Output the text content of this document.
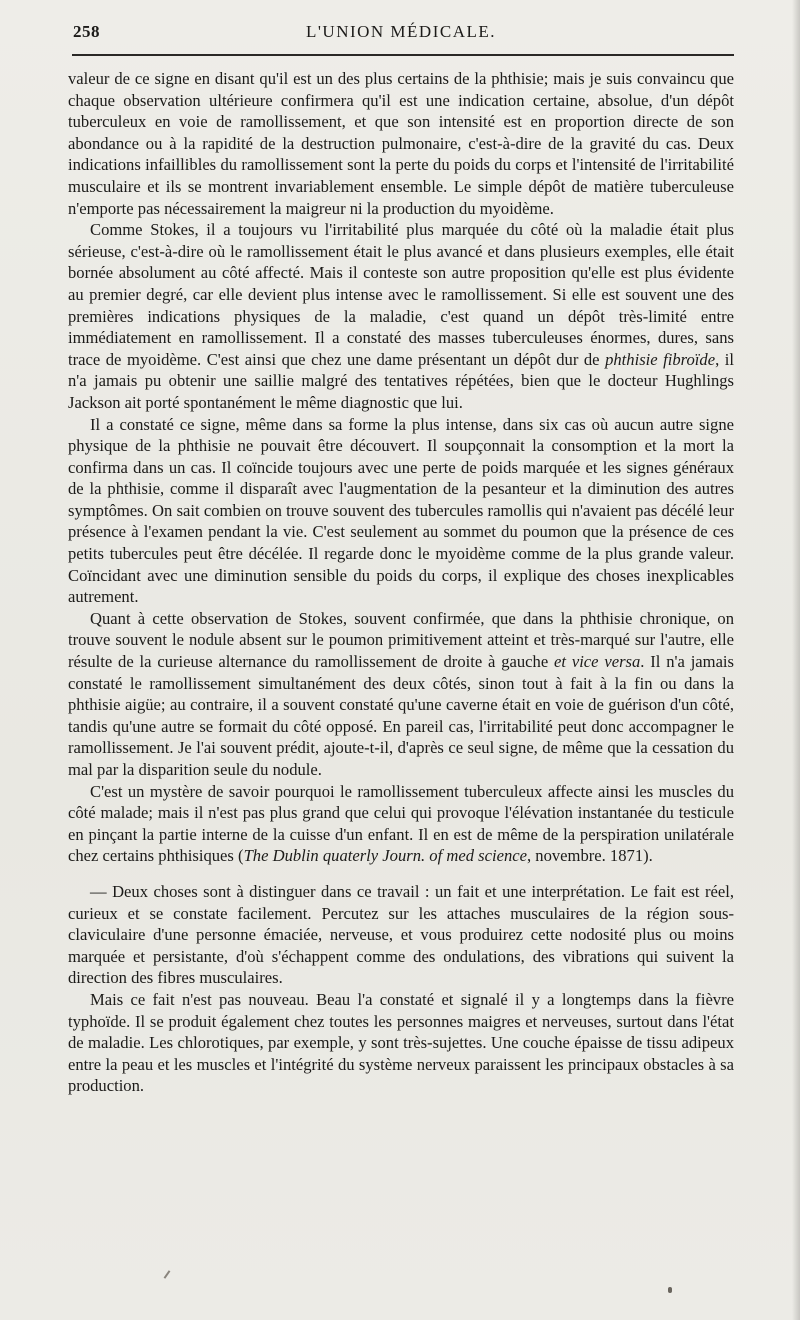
258	L'UNION MÉDICALE.

valeur de ce signe en disant qu'il est un des plus certains de la phthisie; mais je suis convaincu que chaque observation ultérieure confirmera qu'il est une indication certaine, absolue, d'un dépôt tuberculeux en voie de ramollissement, et que son intensité est en proportion directe de son abondance ou à la rapidité de la destruction pulmonaire, c'est-à-dire de la gravité du cas. Deux indications infaillibles du ramollissement sont la perte du poids du corps et l'intensité de l'irritabilité musculaire et ils se montrent invariablement ensemble. Le simple dépôt de matière tuberculeuse n'emporte pas nécessairement la maigreur ni la production du myoidème.

Comme Stokes, il a toujours vu l'irritabilité plus marquée du côté où la maladie était plus sérieuse, c'est-à-dire où le ramollissement était le plus avancé et dans plusieurs exemples, elle était bornée absolument au côté affecté. Mais il conteste son autre proposition qu'elle est plus évidente au premier degré, car elle devient plus intense avec le ramollissement. Si elle est souvent une des premières indications physiques de la maladie, c'est quand un dépôt très-limité entre immédiatement en ramollissement. Il a constaté des masses tuberculeuses énormes, dures, sans trace de myoidème. C'est ainsi que chez une dame présentant un dépôt dur de phthisie fibroïde, il n'a jamais pu obtenir une saillie malgré des tentatives répétées, bien que le docteur Hughlings Jackson ait porté spontanément le même diagnostic que lui.

Il a constaté ce signe, même dans sa forme la plus intense, dans six cas où aucun autre signe physique de la phthisie ne pouvait être découvert. Il soupçonnait la consomption et la mort la confirma dans un cas. Il coïncide toujours avec une perte de poids marquée et les signes généraux de la phthisie, comme il disparaît avec l'augmentation de la pesanteur et la diminution des autres symptômes. On sait combien on trouve souvent des tubercules ramollis qui n'avaient pas décélé leur présence à l'examen pendant la vie. C'est seulement au sommet du poumon que la présence de ces petits tubercules peut être décélée. Il regarde donc le myoidème comme de la plus grande valeur. Coïncidant avec une diminution sensible du poids du corps, il explique des choses inexplicables autrement.

Quant à cette observation de Stokes, souvent confirmée, que dans la phthisie chronique, on trouve souvent le nodule absent sur le poumon primitivement atteint et très-marqué sur l'autre, elle résulte de la curieuse alternance du ramollissement de droite à gauche et vice versa. Il n'a jamais constaté le ramollissement simultanément des deux côtés, sinon tout à fait à la fin ou dans la phthisie aigüe; au contraire, il a souvent constaté qu'une caverne était en voie de guérison d'un côté, tandis qu'une autre se formait du côté opposé. En pareil cas, l'irritabilité peut donc accompagner le ramollissement. Je l'ai souvent prédit, ajoute-t-il, d'après ce seul signe, de même que la cessation du mal par la disparition seule du nodule.

C'est un mystère de savoir pourquoi le ramollissement tuberculeux affecte ainsi les muscles du côté malade; mais il n'est pas plus grand que celui qui provoque l'élévation instantanée du testicule en pinçant la partie interne de la cuisse d'un enfant. Il en est de même de la perspiration unilatérale chez certains phthisiques (The Dublin quaterly Journ. of med science, novembre. 1871).

— Deux choses sont à distinguer dans ce travail : un fait et une interprétation. Le fait est réel, curieux et se constate facilement. Percutez sur les attaches musculaires de la région sous-claviculaire d'une personne émaciée, nerveuse, et vous produirez cette nodosité plus ou moins marquée et persistante, d'où s'échappent comme des ondulations, des vibrations qui suivent la direction des fibres musculaires.

Mais ce fait n'est pas nouveau. Beau l'a constaté et signalé il y a longtemps dans la fièvre typhoïde. Il se produit également chez toutes les personnes maigres et nerveuses, surtout dans l'état de maladie. Les chlorotiques, par exemple, y sont très-sujettes. Une couche épaisse de tissu adipeux entre la peau et les muscles et l'intégrité du système nerveux paraissent les principaux obstacles à sa production.
